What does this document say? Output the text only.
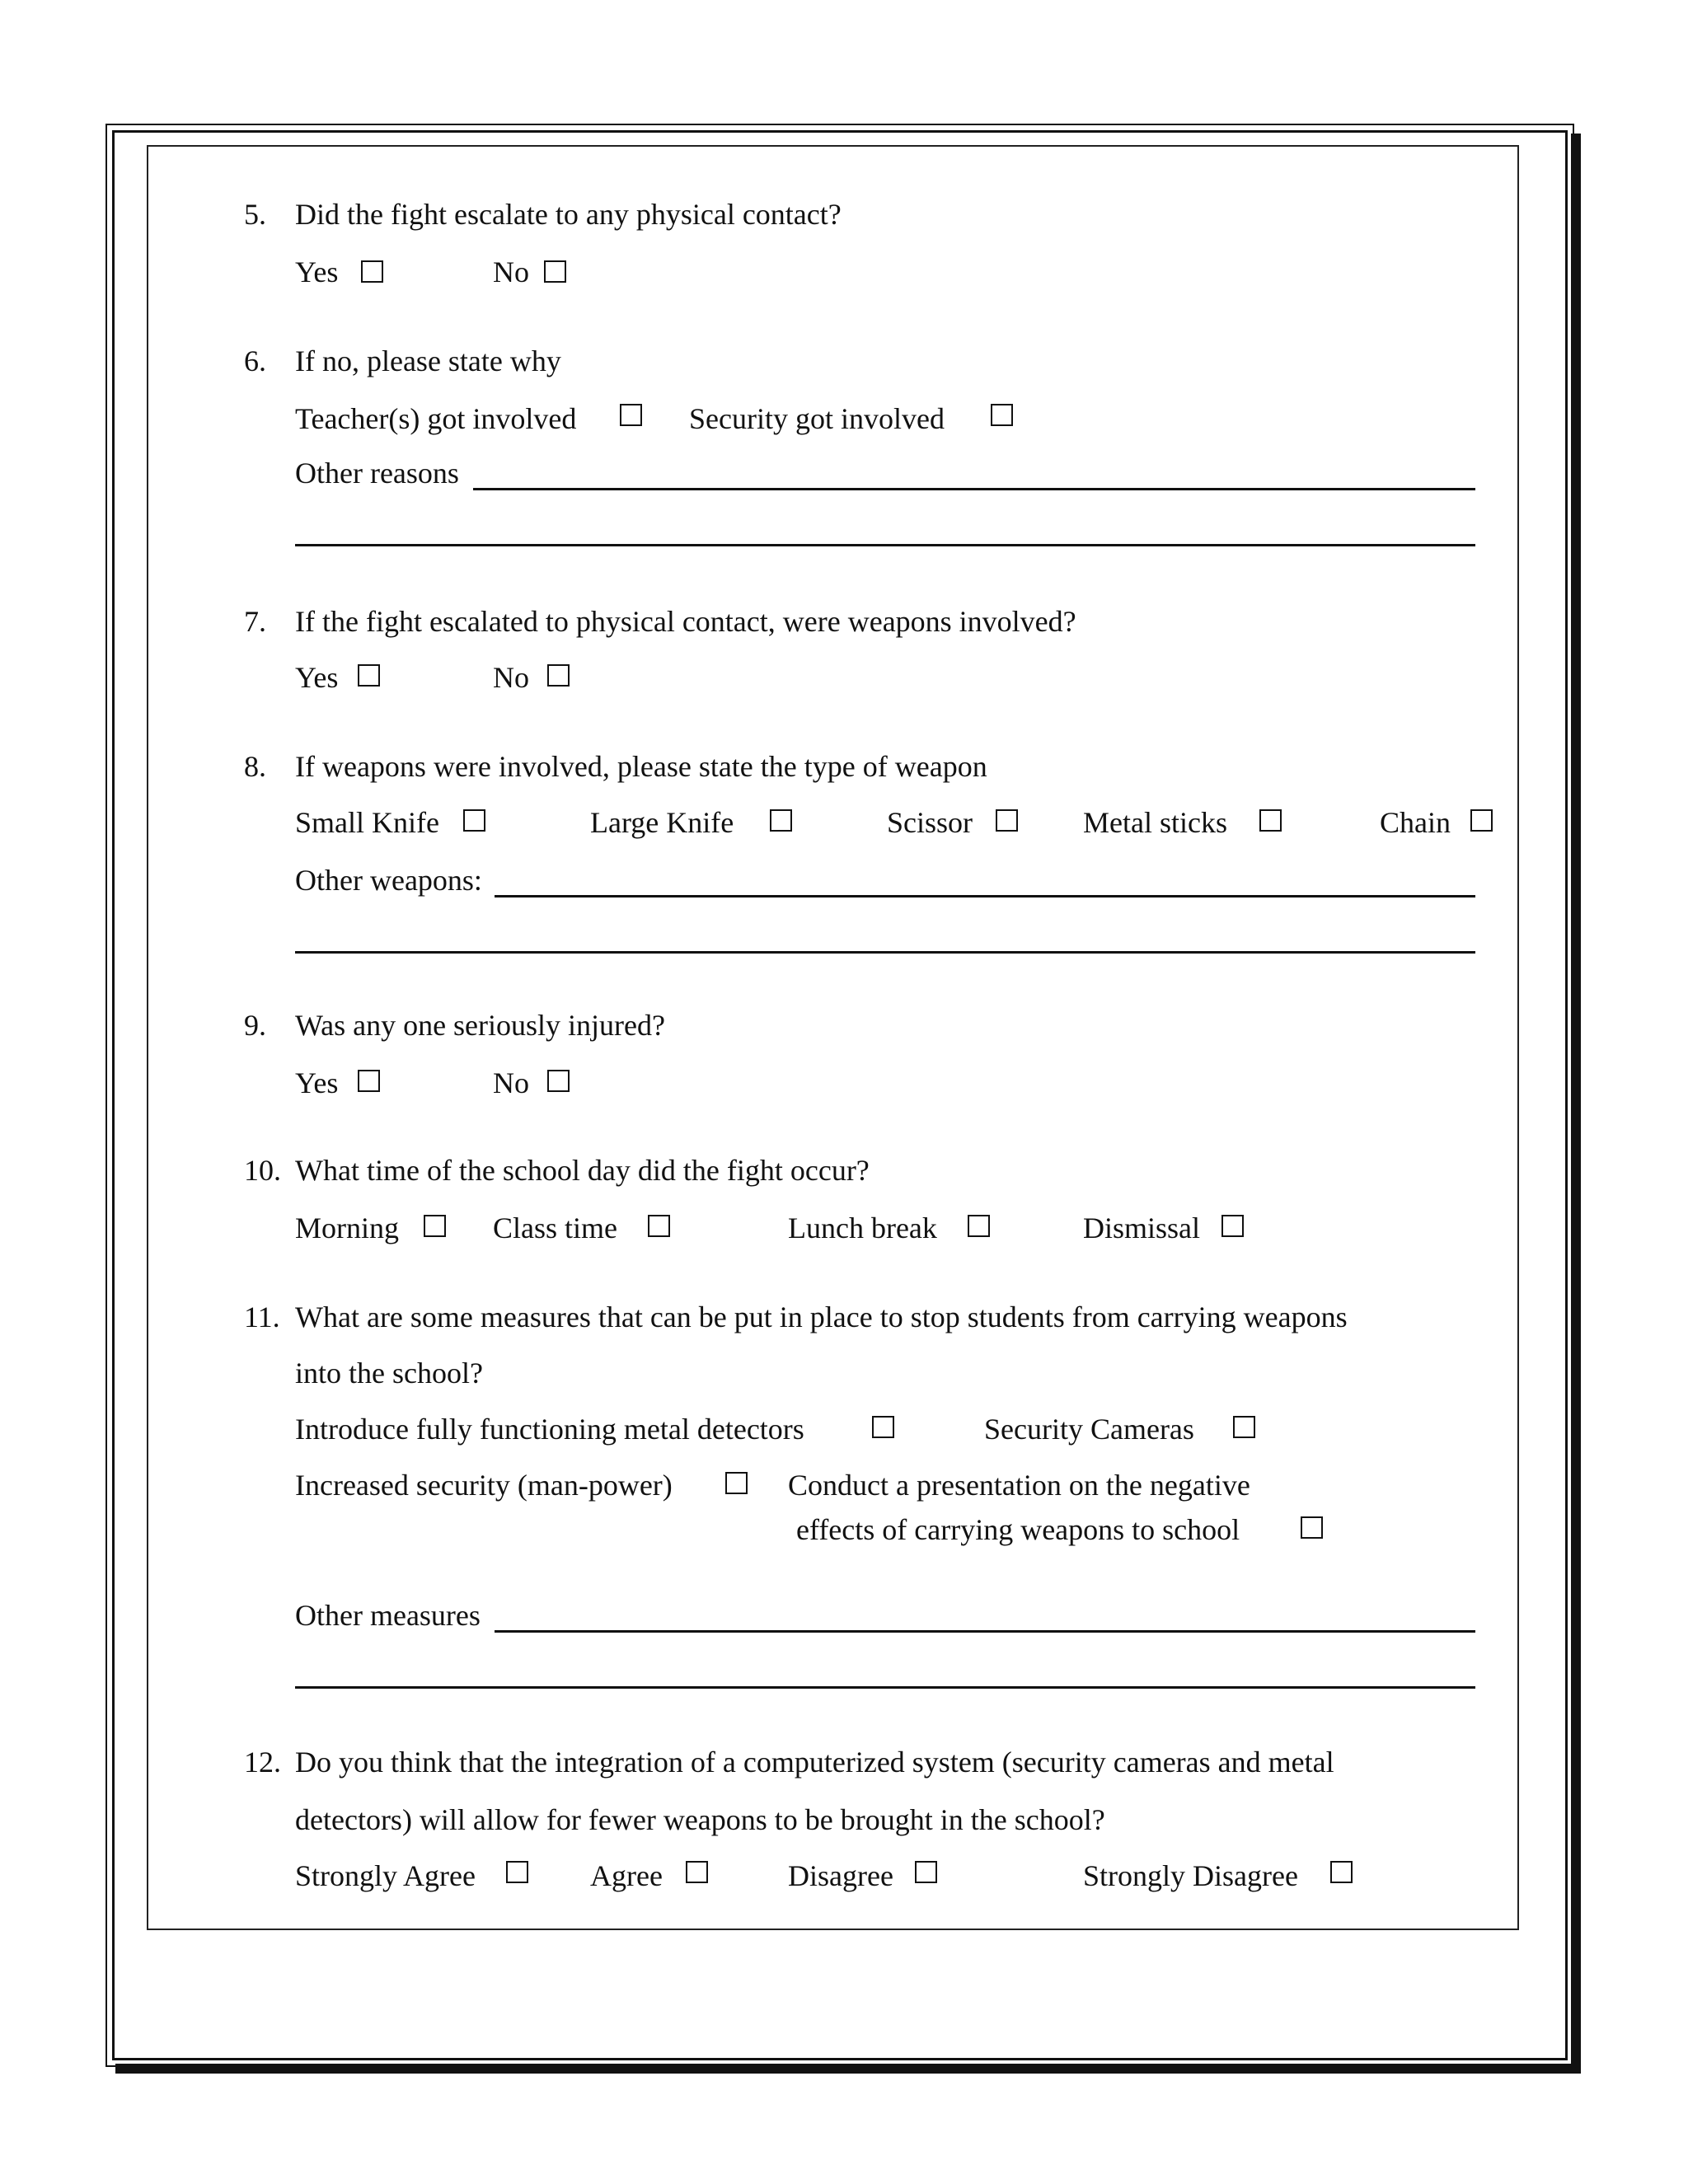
5. Did the fight escalate to any physical contact?
Yes	No
6. If no, please state why
Teacher(s) got involved	Security got involved
Other reasons
7. If the fight escalated to physical contact, were weapons involved?
Yes	No
8. If weapons were involved, please state the type of weapon
Small Knife	Large Knife	Scissor	Metal sticks	Chain
Other weapons:
9. Was any one seriously injured?
Yes	No
10. What time of the school day did the fight occur?
Morning	Class time	Lunch break	Dismissal
11. What are some measures that can be put in place to stop students from carrying weapons
into the school?
Introduce fully functioning metal detectors	Security Cameras
Increased security (man-power)	Conduct a presentation on the negative
effects of carrying weapons to school
Other measures
12. Do you think that the integration of a computerized system (security cameras and metal
detectors) will allow for fewer weapons to be brought in the school?
Strongly Agree	Agree	Disagree	Strongly Disagree
